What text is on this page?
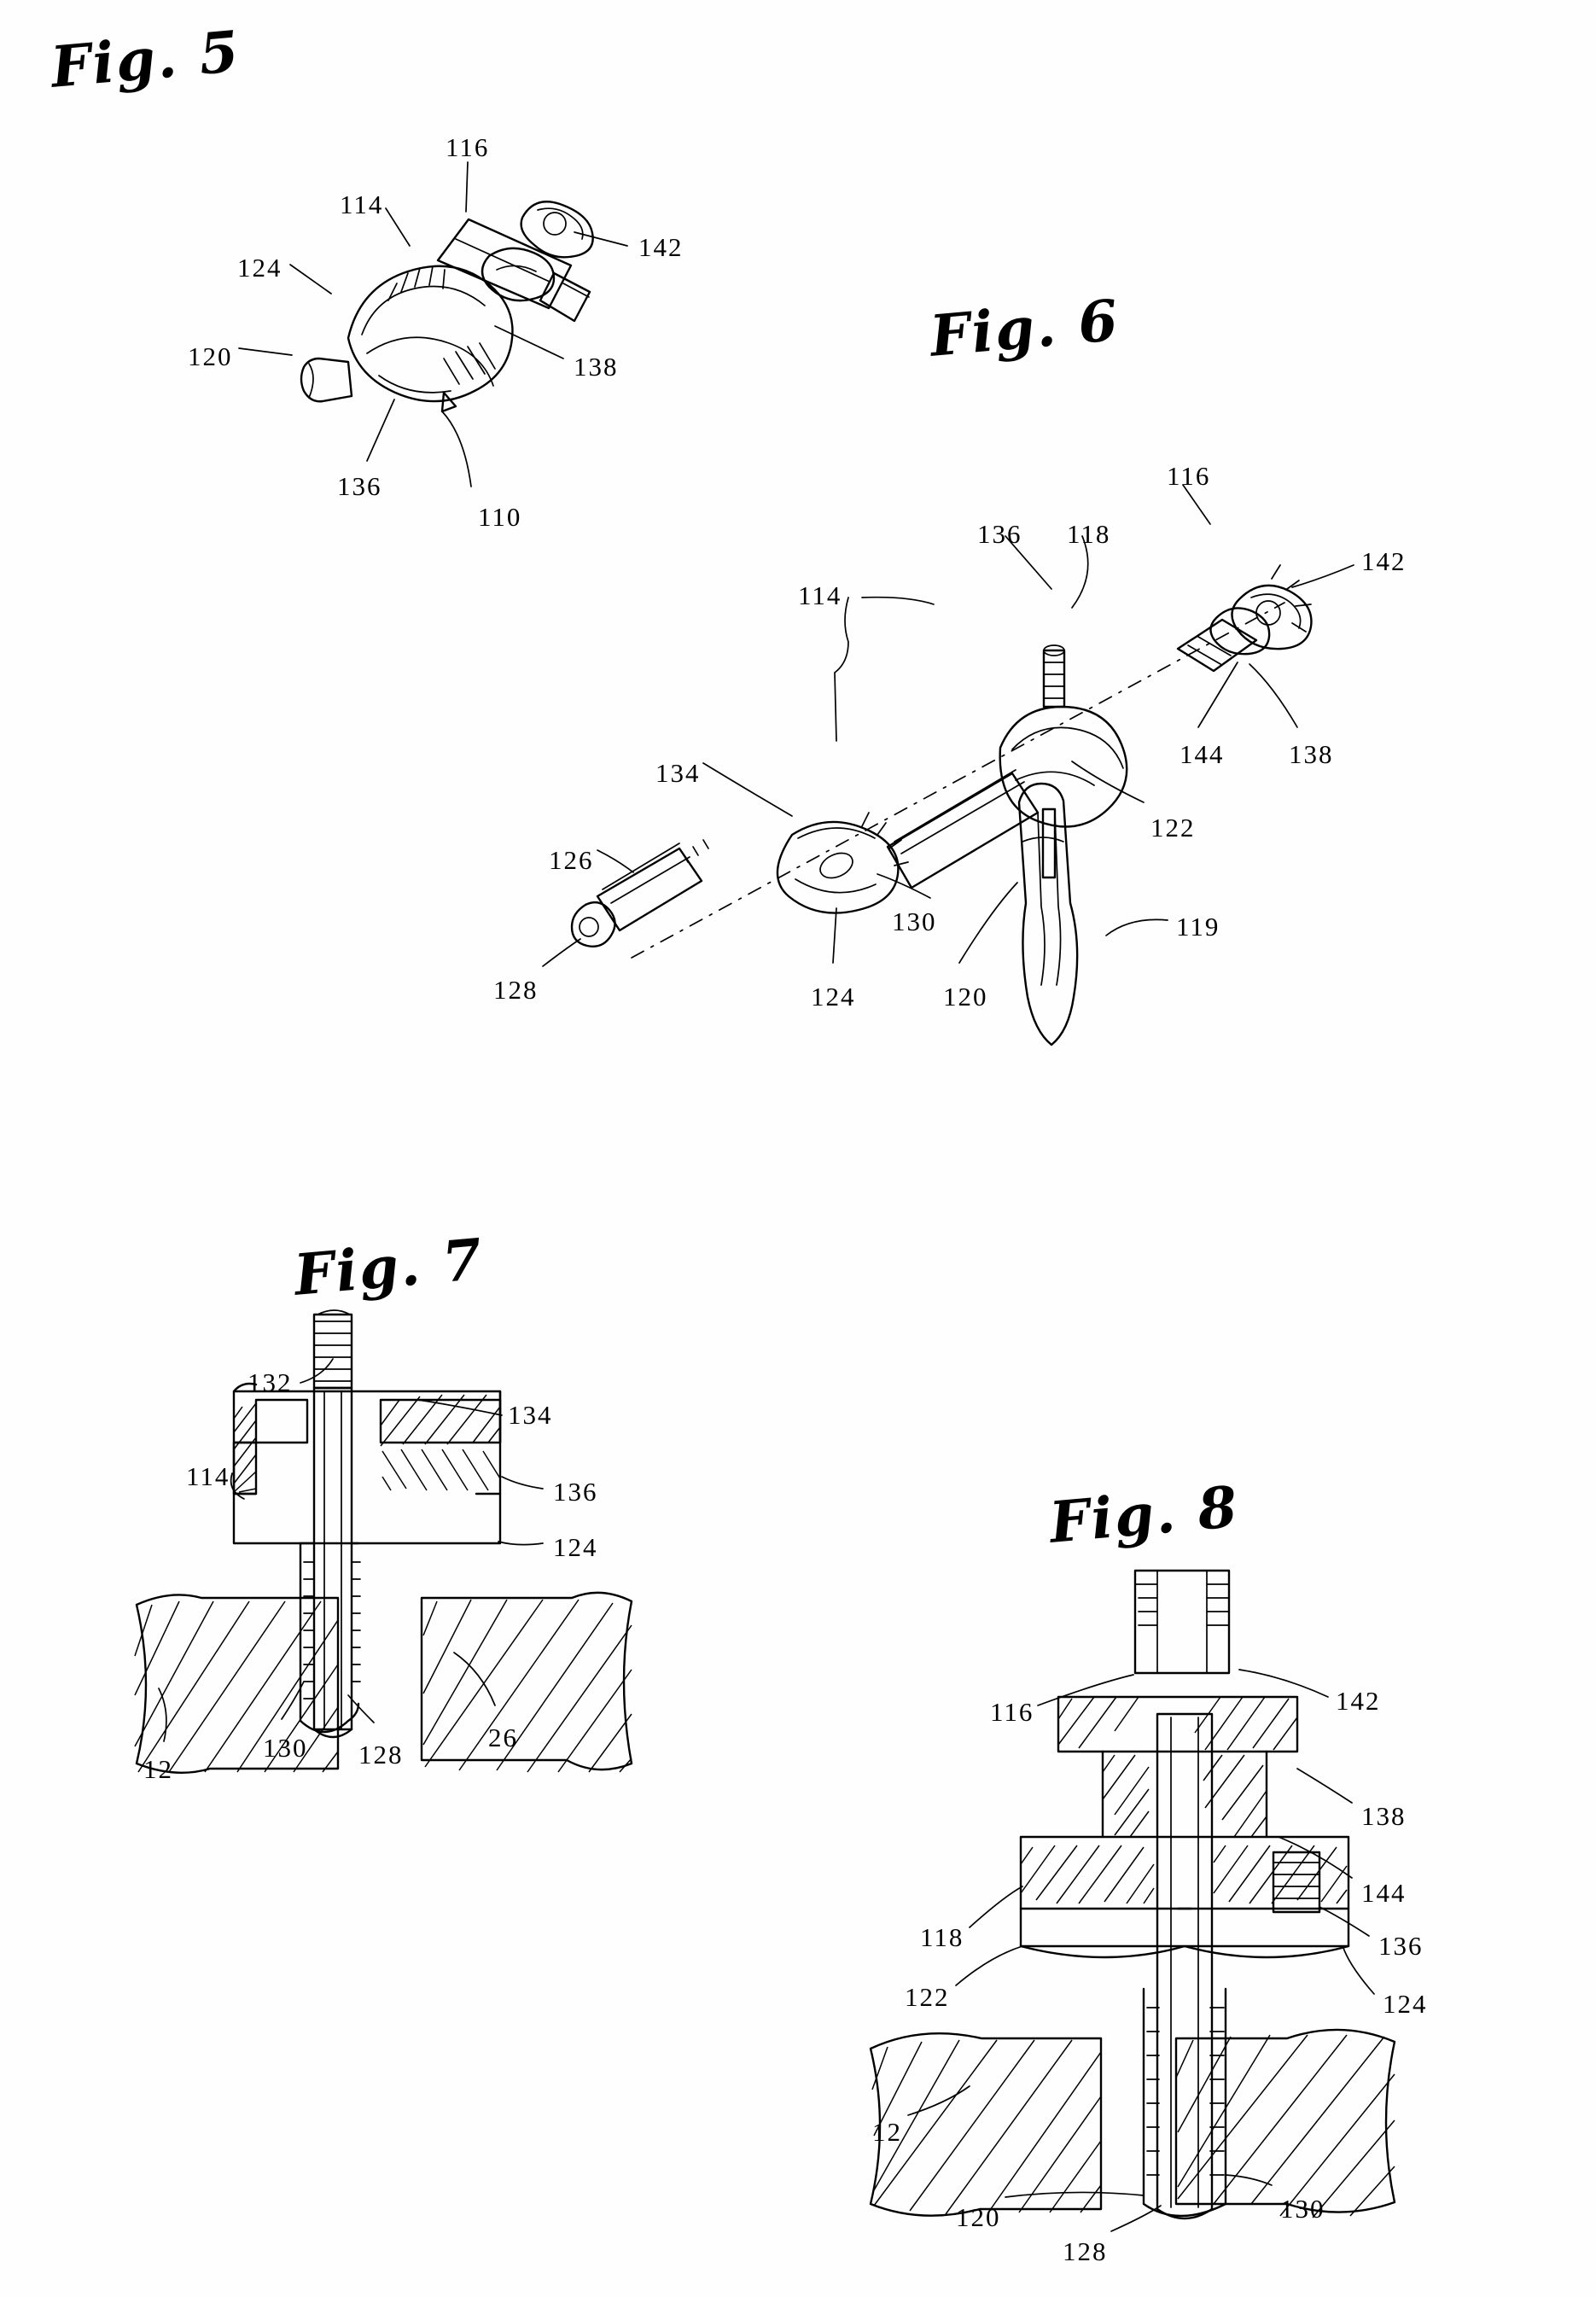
Fig. 5
Fig. 6
Fig. 7
Fig. 8
116
114
142
124
120	138
136
110
116
136 118
142
114
144 138
134
122
126
130	119
128	124	120
132
134
114
136
124
12
130 128
26
116	142
138
144
118	136
122	124
12
120
128
130
